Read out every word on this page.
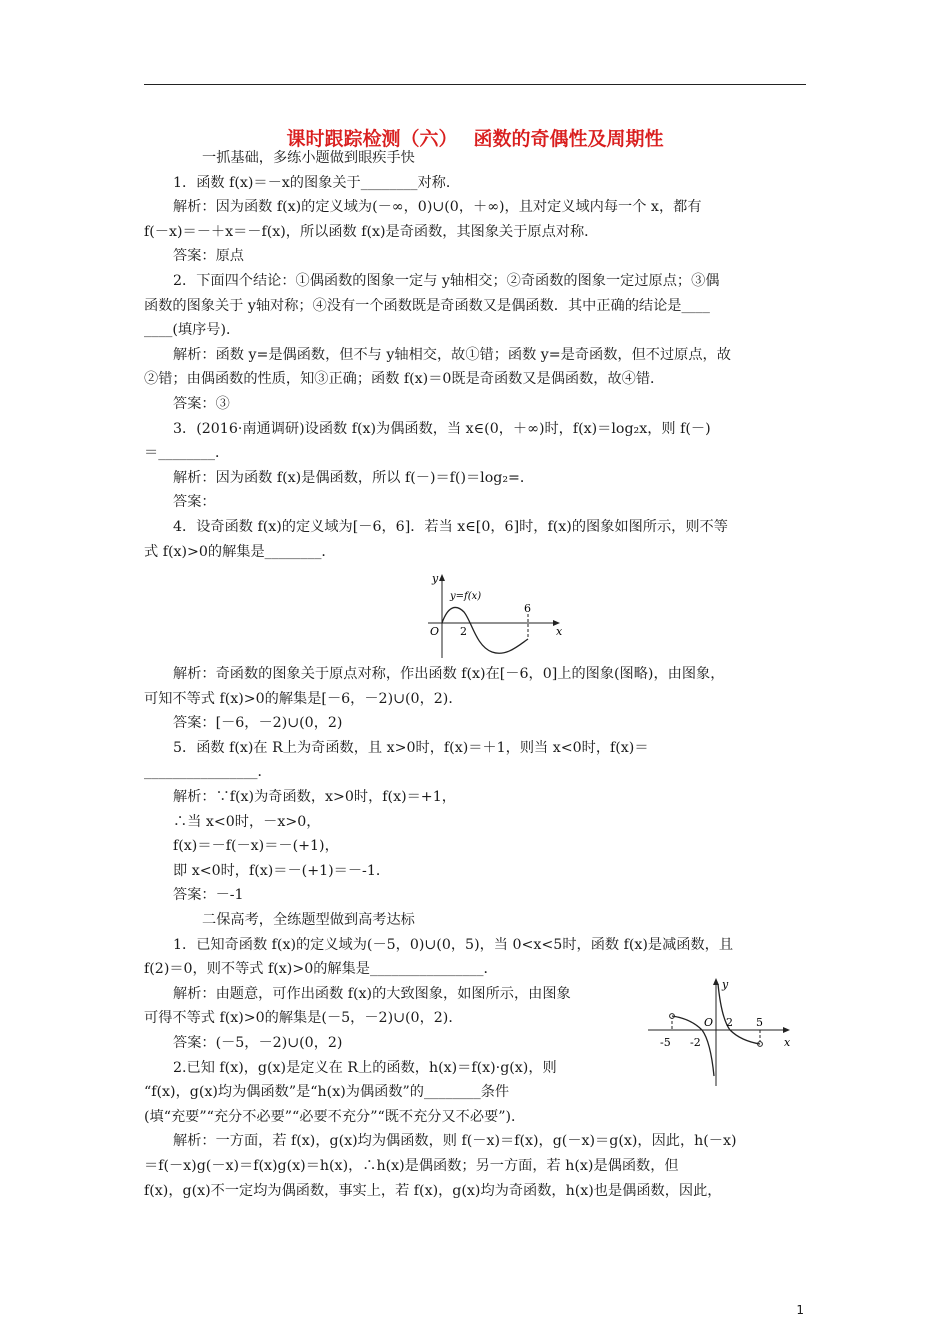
课时跟踪检测（六）　 函数的奇偶性及周期性

一抓基础，多练小题做到眼疾手快

1．函数 f(x)＝－x的图象关于________对称．

解析：因为函数 f(x)的定义域为(－∞，0)∪(0，＋∞)，且对定义域内每一个 x，都有

f(－x)＝－＋x＝－f(x)，所以函数 f(x)是奇函数，其图象关于原点对称．

答案：原点

2．下面四个结论：①偶函数的图象一定与 y轴相交；②奇函数的图象一定过原点；③偶

函数的图象关于 y轴对称；④没有一个函数既是奇函数又是偶函数．其中正确的结论是____

____(填序号)．

解析：函数 y=是偶函数，但不与 y轴相交，故①错；函数 y=是奇函数，但不过原点，故

②错；由偶函数的性质，知③正确；函数 f(x)＝0既是奇函数又是偶函数，故④错．

答案：③

3．(2016·南通调研)设函数 f(x)为偶函数，当 x∈(0，＋∞)时，f(x)＝log₂x，则 f(－)

＝________．

解析：因为函数 f(x)是偶函数，所以 f(－)＝f()＝log₂=．

答案：

4．设奇函数 f(x)的定义域为[－6，6]．若当 x∈[0，6]时，f(x)的图象如图所示，则不等

式 f(x)>0的解集是________．

y
x
O
y=f(x)
2
6

解析：奇函数的图象关于原点对称，作出函数 f(x)在[－6，0]上的图象(图略)，由图象，

可知不等式 f(x)>0的解集是[－6，－2)∪(0，2)．

答案：[－6，－2)∪(0，2)

5．函数 f(x)在 R上为奇函数，且 x>0时，f(x)＝＋1，则当 x<0时，f(x)＝

________________．

解析：∵f(x)为奇函数，x>0时，f(x)＝+1，

∴当 x<0时，－x>0，

f(x)＝－f(－x)＝－(+1)，

即 x<0时，f(x)＝－(+1)＝－-1．

答案：－-1

二保高考，全练题型做到高考达标

1．已知奇函数 f(x)的定义域为(－5，0)∪(0，5)，当 0<x<5时，函数 f(x)是减函数，且

f(2)＝0，则不等式 f(x)>0的解集是________________．

y
x
O
-5 -2
2 5

解析：由题意，可作出函数 f(x)的大致图象，如图所示，由图象

可得不等式 f(x)>0的解集是(－5，－2)∪(0，2)．

答案：(－5，－2)∪(0，2)

2.已知 f(x)，g(x)是定义在 R上的函数，h(x)＝f(x)·g(x)，则

“f(x)，g(x)均为偶函数”是“h(x)为偶函数”的________条件

(填“充要”“充分不必要”“必要不充分”“既不充分又不必要”)．

解析：一方面，若 f(x)，g(x)均为偶函数，则 f(－x)＝f(x)，g(－x)＝g(x)，因此，h(－x)

＝f(－x)g(－x)＝f(x)g(x)＝h(x)，∴h(x)是偶函数；另一方面，若 h(x)是偶函数，但

f(x)，g(x)不一定均为偶函数，事实上，若 f(x)，g(x)均为奇函数，h(x)也是偶函数，因此，

1
